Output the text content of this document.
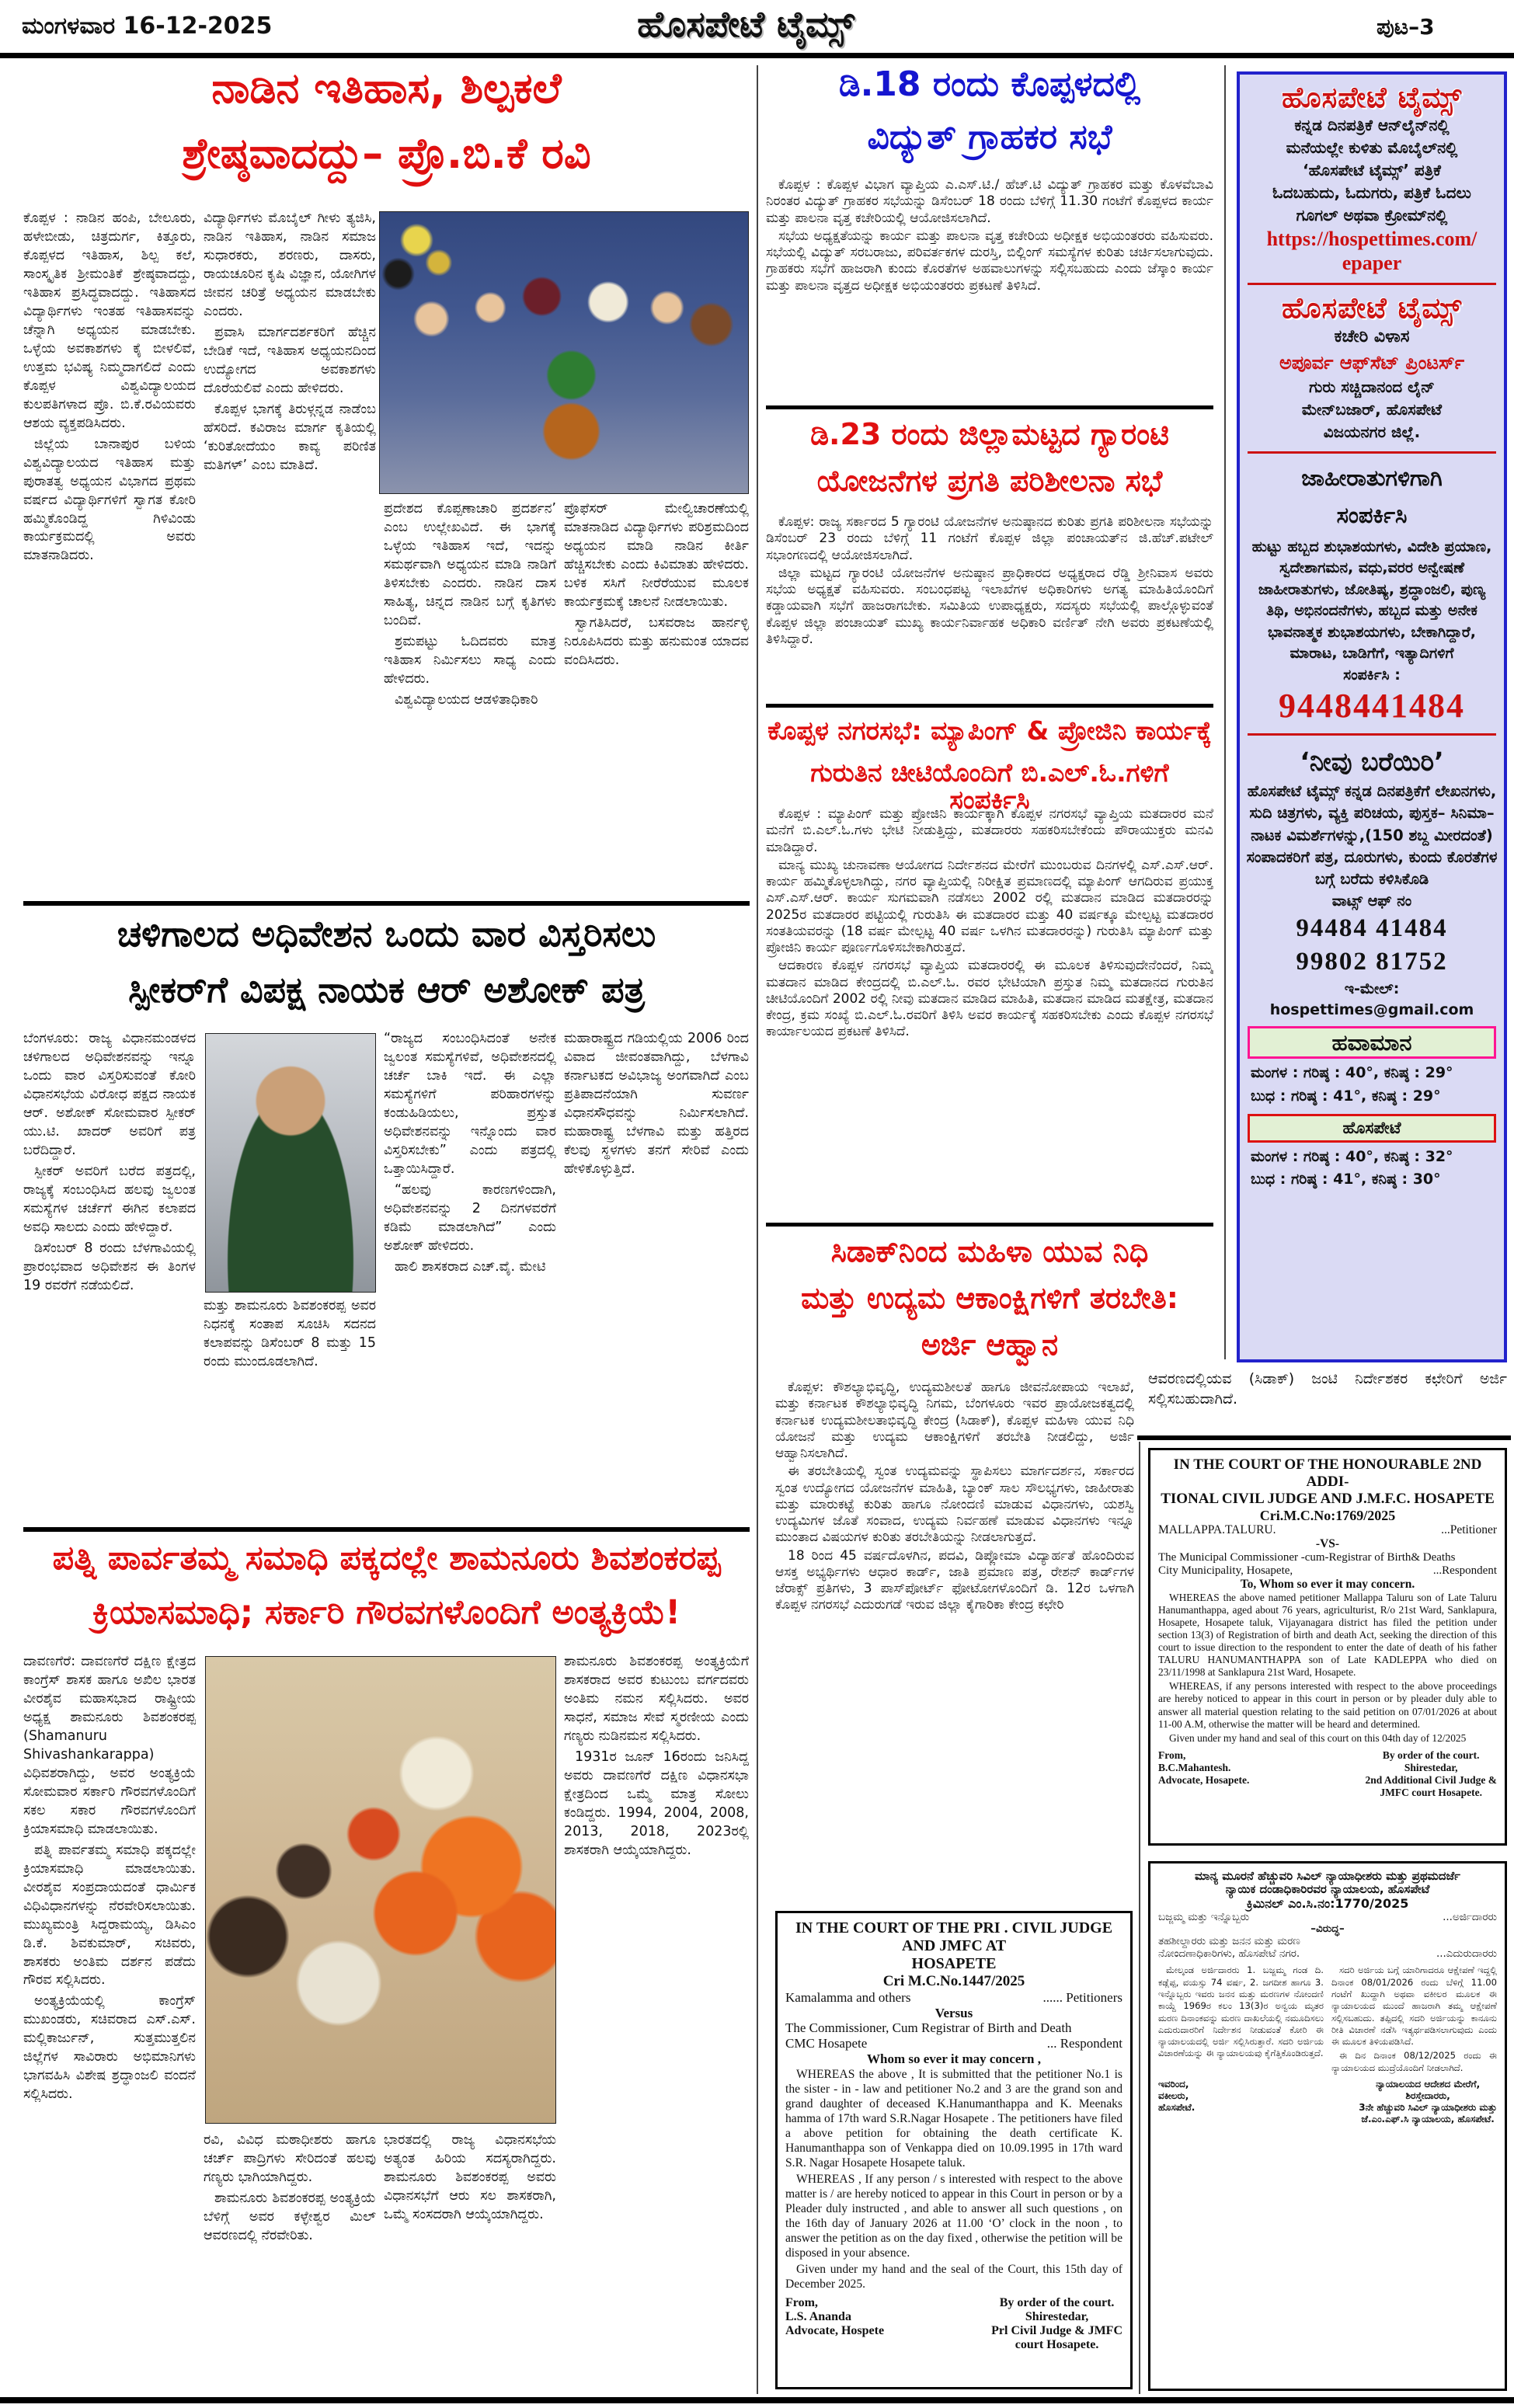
ಮಂಗಳವಾರ 16-12-2025	ಹೊಸಪೇಟೆ ಟೈಮ್ಸ್	ಪುಟ–3
ನಾಡಿನ ಇತಿಹಾಸ, ಶಿಲ್ಪಕಲೆ
ಶ್ರೇಷ್ಠವಾದದ್ದು– ಪ್ರೊ.ಬಿ.ಕೆ ರವಿ

ಕೊಪ್ಪಳ : ನಾಡಿನ ಹಂಪಿ, ಬೇಲೂರು, ಹಳೇಬೀಡು, ಚಿತ್ರದುರ್ಗ, ಕಿತ್ತೂರು, ಕೊಪ್ಪಳದ ಇತಿಹಾಸ, ಶಿಲ್ಪ ಕಲೆ, ಸಾಂಸ್ಕೃತಿಕ ಶ್ರೀಮಂತಿಕೆ ಶ್ರೇಷ್ಠವಾದದ್ದು, ಇತಿಹಾಸ ಪ್ರಸಿದ್ಧವಾದದ್ದು. ಇತಿಹಾಸದ ವಿದ್ಯಾರ್ಥಿಗಳು ಇಂತಹ ಇತಿಹಾಸವನ್ನು ಚೆನ್ನಾಗಿ ಅಧ್ಯಯನ ಮಾಡಬೇಕು. ಒಳ್ಳೆಯ ಅವಕಾಶಗಳು ಕೈ ಬೀಳಲಿವೆ, ಉತ್ತಮ ಭವಿಷ್ಯ ನಿಮ್ಮದಾಗಲಿದೆ ಎಂದು ಕೊಪ್ಪಳ ವಿಶ್ವವಿದ್ಯಾಲಯದ ಕುಲಪತಿಗಳಾದ ಪ್ರೊ. ಬಿ.ಕೆ.ರವಿಯವರು ಆಶಯ ವ್ಯಕ್ತಪಡಿಸಿದರು.

ಜಿಲ್ಲೆಯ ಬಾನಾಪುರ ಬಳಿಯ ವಿಶ್ವವಿದ್ಯಾಲಯದ ಇತಿಹಾಸ ಮತ್ತು ಪುರಾತತ್ವ ಅಧ್ಯಯನ ವಿಭಾಗದ ಪ್ರಥಮ ವರ್ಷದ ವಿದ್ಯಾರ್ಥಿಗಳಿಗೆ ಸ್ವಾಗತ ಕೋರಿ ಹಮ್ಮಿಕೊಂಡಿದ್ದ ಗಿಳಿವಿಂಡು ಕಾರ್ಯಕ್ರಮದಲ್ಲಿ ಅವರು ಮಾತನಾಡಿದರು.

ವಿದ್ಯಾರ್ಥಿಗಳು ಮೊಬೈಲ್ ಗೀಳು ತ್ಯಜಿಸಿ, ನಾಡಿನ ಇತಿಹಾಸ, ನಾಡಿನ ಸಮಾಜ ಸುಧಾರಕರು, ಶರಣರು, ದಾಸರು, ರಾಯಚೂರಿನ ಕೃಷಿ ವಿಜ್ಞಾನ, ಯೋಗಿಗಳ ಜೀವನ ಚರಿತ್ರೆ ಅಧ್ಯಯನ ಮಾಡಬೇಕು ಎಂದರು.

ಪ್ರವಾಸಿ ಮಾರ್ಗದರ್ಶಕರಿಗೆ ಹೆಚ್ಚಿನ ಬೇಡಿಕೆ ಇದೆ, ಇತಿಹಾಸ ಅಧ್ಯಯನದಿಂದ ಉದ್ಯೋಗದ ಅವಕಾಶಗಳು ದೊರೆಯಲಿವೆ ಎಂದು ಹೇಳಿದರು.

ಕೊಪ್ಪಳ ಭಾಗಕ್ಕೆ ತಿರುಳ್ಗನ್ನಡ ನಾಡೆಂಬ ಹೆಸರಿದೆ. ಕವಿರಾಜ ಮಾರ್ಗ ಕೃತಿಯಲ್ಲಿ ‘ಕುರಿತೋದೆಯಂ ಕಾವ್ಯ ಪರಿಣಿತ ಮತಿಗಳ್’ ಎಂಬ ಮಾತಿದೆ.

ಪ್ರದೇಶದ ಕೊಪ್ಪಣಾಚಾರಿ ಪ್ರದರ್ಶನ’ ಎಂಬ ಉಲ್ಲೇಖವಿದೆ. ಈ ಭಾಗಕ್ಕೆ ಒಳ್ಳೆಯ ಇತಿಹಾಸ ಇದೆ, ಇದನ್ನು ಸಮರ್ಥವಾಗಿ ಅಧ್ಯಯನ ಮಾಡಿ ನಾಡಿಗೆ ತಿಳಿಸಬೇಕು ಎಂದರು. ನಾಡಿನ ದಾಸ ಸಾಹಿತ್ಯ, ಚಿನ್ನದ ನಾಡಿನ ಬಗ್ಗೆ ಕೃತಿಗಳು ಬಂದಿವೆ.

ಶ್ರಮಪಟ್ಟು ಓದಿದವರು ಮಾತ್ರ ಇತಿಹಾಸ ನಿರ್ಮಿಸಲು ಸಾಧ್ಯ ಎಂದು ಹೇಳಿದರು.

ವಿಶ್ವವಿದ್ಯಾಲಯದ ಆಡಳಿತಾಧಿಕಾರಿ

ಪ್ರೊಫೆಸರ್ ಮೇಲ್ವಿಚಾರಣೆಯಲ್ಲಿ ಮಾತನಾಡಿದ ವಿದ್ಯಾರ್ಥಿಗಳು ಪರಿಶ್ರಮದಿಂದ ಅಧ್ಯಯನ ಮಾಡಿ ನಾಡಿನ ಕೀರ್ತಿ ಹೆಚ್ಚಿಸಬೇಕು ಎಂದು ಕಿವಿಮಾತು ಹೇಳಿದರು. ಬಳಿಕ ಸಸಿಗೆ ನೀರೆರೆಯುವ ಮೂಲಕ ಕಾರ್ಯಕ್ರಮಕ್ಕೆ ಚಾಲನೆ ನೀಡಲಾಯಿತು.

ಸ್ವಾಗತಿಸಿದರೆ, ಬಸವರಾಜ ಹಾರ್ನಳ್ಳಿ ನಿರೂಪಿಸಿದರು ಮತ್ತು ಹನುಮಂತ ಯಾದವ ವಂದಿಸಿದರು.

ಚಳಿಗಾಲದ ಅಧಿವೇಶನ ಒಂದು ವಾರ ವಿಸ್ತರಿಸಲು
ಸ್ಪೀಕರ್‌ಗೆ ವಿಪಕ್ಷ ನಾಯಕ ಆರ್ ಅಶೋಕ್ ಪತ್ರ

ಬೆಂಗಳೂರು: ರಾಜ್ಯ ವಿಧಾನಮಂಡಳದ ಚಳಿಗಾಲದ ಅಧಿವೇಶನವನ್ನು ಇನ್ನೂ ಒಂದು ವಾರ ವಿಸ್ತರಿಸುವಂತೆ ಕೋರಿ ವಿಧಾನಸಭೆಯ ವಿರೋಧ ಪಕ್ಷದ ನಾಯಕ ಆರ್. ಅಶೋಕ್ ಸೋಮವಾರ ಸ್ಪೀಕರ್ ಯು.ಟಿ. ಖಾದರ್ ಅವರಿಗೆ ಪತ್ರ ಬರೆದಿದ್ದಾರೆ.

ಸ್ಪೀಕರ್ ಅವರಿಗೆ ಬರೆದ ಪತ್ರದಲ್ಲಿ, ರಾಜ್ಯಕ್ಕೆ ಸಂಬಂಧಿಸಿದ ಹಲವು ಜ್ವಲಂತ ಸಮಸ್ಯೆಗಳ ಚರ್ಚೆಗೆ ಈಗಿನ ಕಲಾಪದ ಅವಧಿ ಸಾಲದು ಎಂದು ಹೇಳಿದ್ದಾರೆ.

ಡಿಸೆಂಬರ್ 8 ರಂದು ಬೆಳಗಾವಿಯಲ್ಲಿ ಪ್ರಾರಂಭವಾದ ಅಧಿವೇಶನ ಈ ತಿಂಗಳ 19 ರವರೆಗೆ ನಡೆಯಲಿದೆ.

ಮತ್ತು ಶಾಮನೂರು ಶಿವಶಂಕರಪ್ಪ ಅವರ ನಿಧನಕ್ಕೆ ಸಂತಾಪ ಸೂಚಿಸಿ ಸದನದ ಕಲಾಪವನ್ನು ಡಿಸೆಂಬರ್ 8 ಮತ್ತು 15 ರಂದು ಮುಂದೂಡಲಾಗಿದೆ.

“ರಾಜ್ಯದ ಸಂಬಂಧಿಸಿದಂತೆ ಅನೇಕ ಜ್ವಲಂತ ಸಮಸ್ಯೆಗಳಿವೆ, ಅಧಿವೇಶನದಲ್ಲಿ ಚರ್ಚೆ ಬಾಕಿ ಇದೆ. ಈ ಎಲ್ಲಾ ಸಮಸ್ಯೆಗಳಿಗೆ ಪರಿಹಾರಗಳನ್ನು ಕಂಡುಹಿಡಿಯಲು, ಪ್ರಸ್ತುತ ಅಧಿವೇಶನವನ್ನು ಇನ್ನೊಂದು ವಾರ ವಿಸ್ತರಿಸಬೇಕು” ಎಂದು ಪತ್ರದಲ್ಲಿ ಒತ್ತಾಯಿಸಿದ್ದಾರೆ.

“ಹಲವು ಕಾರಣಗಳಿಂದಾಗಿ, ಅಧಿವೇಶನವನ್ನು 2 ದಿನಗಳವರೆಗೆ ಕಡಿಮೆ ಮಾಡಲಾಗಿದೆ” ಎಂದು ಅಶೋಕ್ ಹೇಳಿದರು.

ಹಾಲಿ ಶಾಸಕರಾದ ಎಚ್.ವೈ. ಮೇಟಿ

ಮಹಾರಾಷ್ಟ್ರದ ಗಡಿಯಲ್ಲಿಯ 2006 ರಿಂದ ವಿವಾದ ಜೀವಂತವಾಗಿದ್ದು, ಬೆಳಗಾವಿ ಕರ್ನಾಟಕದ ಅವಿಭಾಜ್ಯ ಅಂಗವಾಗಿದೆ ಎಂಬ ಪ್ರತಿಪಾದನೆಯಾಗಿ ಸುವರ್ಣ ವಿಧಾನಸೌಧವನ್ನು ನಿರ್ಮಿಸಲಾಗಿದೆ. ಮಹಾರಾಷ್ಟ್ರ ಬೆಳಗಾವಿ ಮತ್ತು ಹತ್ತಿರದ ಕೆಲವು ಸ್ಥಳಗಳು ತನಗೆ ಸೇರಿವೆ ಎಂದು ಹೇಳಿಕೊಳ್ಳುತ್ತಿದೆ.

ಪತ್ನಿ ಪಾರ್ವತಮ್ಮ ಸಮಾಧಿ ಪಕ್ಕದಲ್ಲೇ ಶಾಮನೂರು ಶಿವಶಂಕರಪ್ಪ
ಕ್ರಿಯಾಸಮಾಧಿ; ಸರ್ಕಾರಿ ಗೌರವಗಳೊಂದಿಗೆ ಅಂತ್ಯಕ್ರಿಯೆ!

ದಾವಣಗೆರೆ: ದಾವಣಗೆರೆ ದಕ್ಷಿಣ ಕ್ಷೇತ್ರದ ಕಾಂಗ್ರೆಸ್ ಶಾಸಕ ಹಾಗೂ ಅಖಿಲ ಭಾರತ ವೀರಶೈವ ಮಹಾಸಭಾದ ರಾಷ್ಟ್ರೀಯ ಅಧ್ಯಕ್ಷ ಶಾಮನೂರು ಶಿವಶಂಕರಪ್ಪ (Shamanuru Shivashankarappa) ವಿಧಿವಶರಾಗಿದ್ದು, ಅವರ ಅಂತ್ಯಕ್ರಿಯೆ ಸೋಮವಾರ ಸರ್ಕಾರಿ ಗೌರವಗಳೊಂದಿಗೆ ಸಕಲ ಸಕಾರ ಗೌರವಗಳೊಂದಿಗೆ ಕ್ರಿಯಾಸಮಾಧಿ ಮಾಡಲಾಯಿತು.

ಪತ್ನಿ ಪಾರ್ವತಮ್ಮ ಸಮಾಧಿ ಪಕ್ಕದಲ್ಲೇ ಕ್ರಿಯಾಸಮಾಧಿ ಮಾಡಲಾಯಿತು. ವೀರಶೈವ ಸಂಪ್ರದಾಯದಂತೆ ಧಾರ್ಮಿಕ ವಿಧಿವಿಧಾನಗಳನ್ನು ನೆರವೇರಿಸಲಾಯಿತು. ಮುಖ್ಯಮಂತ್ರಿ ಸಿದ್ದರಾಮಯ್ಯ, ಡಿಸಿಎಂ ಡಿ.ಕೆ. ಶಿವಕುಮಾರ್, ಸಚಿವರು, ಶಾಸಕರು ಅಂತಿಮ ದರ್ಶನ ಪಡೆದು ಗೌರವ ಸಲ್ಲಿಸಿದರು.

ಅಂತ್ಯಕ್ರಿಯೆಯಲ್ಲಿ ಕಾಂಗ್ರೆಸ್ ಮುಖಂಡರು, ಸಚಿವರಾದ ಎಸ್.ಎಸ್. ಮಲ್ಲಿಕಾರ್ಜುನ್, ಸುತ್ತಮುತ್ತಲಿನ ಜಿಲ್ಲೆಗಳ ಸಾವಿರಾರು ಅಭಿಮಾನಿಗಳು ಭಾಗವಹಿಸಿ ವಿಶೇಷ ಶ್ರದ್ಧಾಂಜಲಿ ವಂದನೆ ಸಲ್ಲಿಸಿದರು.

ರವಿ, ವಿವಿಧ ಮಠಾಧೀಶರು ಹಾಗೂ ಚರ್ಚ್ ಪಾದ್ರಿಗಳು ಸೇರಿದಂತೆ ಹಲವು ಗಣ್ಯರು ಭಾಗಿಯಾಗಿದ್ದರು.

ಶಾಮನೂರು ಶಿವಶಂಕರಪ್ಪ ಅಂತ್ಯಕ್ರಿಯೆ ಬೆಳಿಗ್ಗೆ ಅವರ ಕಳ್ಳೇಶ್ವರ ಮಿಲ್ ಆವರಣದಲ್ಲಿ ನೆರವೇರಿತು.

ಭಾರತದಲ್ಲಿ ರಾಜ್ಯ ವಿಧಾನಸಭೆಯ ಅತ್ಯಂತ ಹಿರಿಯ ಸದಸ್ಯರಾಗಿದ್ದರು. ಶಾಮನೂರು ಶಿವಶಂಕರಪ್ಪ ಅವರು ವಿಧಾನಸಭೆಗೆ ಆರು ಸಲ ಶಾಸಕರಾಗಿ, ಒಮ್ಮೆ ಸಂಸದರಾಗಿ ಆಯ್ಕೆಯಾಗಿದ್ದರು.

ಶಾಮನೂರು ಶಿವಶಂಕರಪ್ಪ ಅಂತ್ಯಕ್ರಿಯೆಗೆ ಶಾಸಕರಾದ ಅವರ ಕುಟುಂಬ ವರ್ಗದವರು ಅಂತಿಮ ನಮನ ಸಲ್ಲಿಸಿದರು. ಅವರ ಸಾಧನೆ, ಸಮಾಜ ಸೇವೆ ಸ್ಮರಣೀಯ ಎಂದು ಗಣ್ಯರು ನುಡಿನಮನ ಸಲ್ಲಿಸಿದರು.

1931ರ ಜೂನ್ 16ರಂದು ಜನಿಸಿದ್ದ ಅವರು ದಾವಣಗೆರೆ ದಕ್ಷಿಣ ವಿಧಾನಸಭಾ ಕ್ಷೇತ್ರದಿಂದ ಒಮ್ಮೆ ಮಾತ್ರ ಸೋಲು ಕಂಡಿದ್ದರು. 1994, 2004, 2008, 2013, 2018, 2023ರಲ್ಲಿ ಶಾಸಕರಾಗಿ ಆಯ್ಕೆಯಾಗಿದ್ದರು.

ಡಿ.18 ರಂದು ಕೊಪ್ಪಳದಲ್ಲಿ
ವಿದ್ಯುತ್ ಗ್ರಾಹಕರ ಸಭೆ

ಕೊಪ್ಪಳ : ಕೊಪ್ಪಳ ವಿಭಾಗ ವ್ಯಾಪ್ತಿಯ ಎ.ಎಸ್.ಟಿ./ ಹೆಚ್.ಟಿ ವಿದ್ಯುತ್ ಗ್ರಾಹಕರ ಮತ್ತು ಕೊಳವೆಬಾವಿ ನಿರಂತರ ವಿದ್ಯುತ್ ಗ್ರಾಹಕರ ಸಭೆಯನ್ನು ಡಿಸೆಂಬರ್ 18 ರಂದು ಬೆಳಿಗ್ಗೆ 11.30 ಗಂಟೆಗೆ ಕೊಪ್ಪಳದ ಕಾರ್ಯ ಮತ್ತು ಪಾಲನಾ ವೃತ್ತ ಕಚೇರಿಯಲ್ಲಿ ಆಯೋಜಿಸಲಾಗಿದೆ.

ಸಭೆಯ ಅಧ್ಯಕ್ಷತೆಯನ್ನು ಕಾರ್ಯ ಮತ್ತು ಪಾಲನಾ ವೃತ್ತ ಕಚೇರಿಯ ಅಧೀಕ್ಷಕ ಅಭಿಯಂತರರು ವಹಿಸುವರು. ಸಭೆಯಲ್ಲಿ ವಿದ್ಯುತ್ ಸರಬರಾಜು, ಪರಿವರ್ತಕಗಳ ದುರಸ್ತಿ, ಬಿಲ್ಲಿಂಗ್ ಸಮಸ್ಯೆಗಳ ಕುರಿತು ಚರ್ಚಿಸಲಾಗುವುದು. ಗ್ರಾಹಕರು ಸಭೆಗೆ ಹಾಜರಾಗಿ ಕುಂದು ಕೊರತೆಗಳ ಅಹವಾಲುಗಳನ್ನು ಸಲ್ಲಿಸಬಹುದು ಎಂದು ಜೆಸ್ಕಾಂ ಕಾರ್ಯ ಮತ್ತು ಪಾಲನಾ ವೃತ್ತದ ಅಧೀಕ್ಷಕ ಅಭಿಯಂತರರು ಪ್ರಕಟಣೆ ತಿಳಿಸಿದೆ.

ಡಿ.23 ರಂದು ಜಿಲ್ಲಾಮಟ್ಟದ ಗ್ಯಾರಂಟಿ
ಯೋಜನೆಗಳ ಪ್ರಗತಿ ಪರಿಶೀಲನಾ ಸಭೆ

ಕೊಪ್ಪಳ: ರಾಜ್ಯ ಸರ್ಕಾರದ 5 ಗ್ಯಾರಂಟಿ ಯೋಜನೆಗಳ ಅನುಷ್ಠಾನದ ಕುರಿತು ಪ್ರಗತಿ ಪರಿಶೀಲನಾ ಸಭೆಯನ್ನು ಡಿಸೆಂಬರ್ 23 ರಂದು ಬೆಳಿಗ್ಗೆ 11 ಗಂಟೆಗೆ ಕೊಪ್ಪಳ ಜಿಲ್ಲಾ ಪಂಚಾಯತ್‌ನ ಜಿ.ಹೆಚ್.ಪಟೇಲ್ ಸಭಾಂಗಣದಲ್ಲಿ ಆಯೋಜಿಸಲಾಗಿದೆ.

ಜಿಲ್ಲಾ ಮಟ್ಟದ ಗ್ಯಾರಂಟಿ ಯೋಜನೆಗಳ ಅನುಷ್ಠಾನ ಪ್ರಾಧಿಕಾರದ ಅಧ್ಯಕ್ಷರಾದ ರೆಡ್ಡಿ ಶ್ರೀನಿವಾಸ ಅವರು ಸಭೆಯ ಅಧ್ಯಕ್ಷತೆ ವಹಿಸುವರು. ಸಂಬಂಧಪಟ್ಟ ಇಲಾಖೆಗಳ ಅಧಿಕಾರಿಗಳು ಅಗತ್ಯ ಮಾಹಿತಿಯೊಂದಿಗೆ ಕಡ್ಡಾಯವಾಗಿ ಸಭೆಗೆ ಹಾಜರಾಗಬೇಕು. ಸಮಿತಿಯ ಉಪಾಧ್ಯಕ್ಷರು, ಸದಸ್ಯರು ಸಭೆಯಲ್ಲಿ ಪಾಲ್ಗೊಳ್ಳುವಂತೆ ಕೊಪ್ಪಳ ಜಿಲ್ಲಾ ಪಂಚಾಯತ್ ಮುಖ್ಯ ಕಾರ್ಯನಿರ್ವಾಹಕ ಅಧಿಕಾರಿ ವರ್ಣಿತ್ ನೇಗಿ ಅವರು ಪ್ರಕಟಣೆಯಲ್ಲಿ ತಿಳಿಸಿದ್ದಾರೆ.

ಕೊಪ್ಪಳ ನಗರಸಭೆ: ಮ್ಯಾಪಿಂಗ್ & ಪ್ರೋಜಿನಿ ಕಾರ್ಯಕ್ಕೆ
ಗುರುತಿನ ಚೀಟಿಯೊಂದಿಗೆ ಬಿ.ಎಲ್.ಓ.ಗಳಿಗೆ ಸಂಪರ್ಕಿಸಿ

ಕೊಪ್ಪಳ : ಮ್ಯಾಪಿಂಗ್ ಮತ್ತು ಪ್ರೋಜಿನಿ ಕಾರ್ಯಕ್ಕಾಗಿ ಕೊಪ್ಪಳ ನಗರಸಭೆ ವ್ಯಾಪ್ತಿಯ ಮತದಾರರ ಮನೆ ಮನೆಗೆ ಬಿ.ಎಲ್.ಓ.ಗಳು ಭೇಟಿ ನೀಡುತ್ತಿದ್ದು, ಮತದಾರರು ಸಹಕರಿಸಬೇಕೆಂದು ಪೌರಾಯುಕ್ತರು ಮನವಿ ಮಾಡಿದ್ದಾರೆ.

ಮಾನ್ಯ ಮುಖ್ಯ ಚುನಾವಣಾ ಆಯೋಗದ ನಿರ್ದೇಶನದ ಮೇರೆಗೆ ಮುಂಬರುವ ದಿನಗಳಲ್ಲಿ ಎಸ್.ಎಸ್.ಆರ್. ಕಾರ್ಯ ಹಮ್ಮಿಕೊಳ್ಳಲಾಗಿದ್ದು, ನಗರ ವ್ಯಾಪ್ತಿಯಲ್ಲಿ ನಿರೀಕ್ಷಿತ ಪ್ರಮಾಣದಲ್ಲಿ ಮ್ಯಾಪಿಂಗ್ ಆಗದಿರುವ ಪ್ರಯುಕ್ತ ಎಸ್.ಎಸ್.ಆರ್. ಕಾರ್ಯ ಸುಗಮವಾಗಿ ನಡೆಸಲು 2002 ರಲ್ಲಿ ಮತದಾನ ಮಾಡಿದ ಮತದಾರರನ್ನು 2025ರ ಮತದಾರರ ಪಟ್ಟಿಯಲ್ಲಿ ಗುರುತಿಸಿ ಈ ಮತದಾರರ ಮತ್ತು 40 ವರ್ಷಕ್ಕೂ ಮೇಲ್ಪಟ್ಟ ಮತದಾರರ ಸಂತತಿಯವರನ್ನು (18 ವರ್ಷ ಮೇಲ್ಪಟ್ಟ 40 ವರ್ಷ ಒಳಗಿನ ಮತದಾರರನ್ನು) ಗುರುತಿಸಿ ಮ್ಯಾಪಿಂಗ್ ಮತ್ತು ಪ್ರೋಜಿನಿ ಕಾರ್ಯ ಪೂರ್ಣಗೊಳಿಸಬೇಕಾಗಿರುತ್ತದೆ.

ಆದಕಾರಣ ಕೊಪ್ಪಳ ನಗರಸಭೆ ವ್ಯಾಪ್ತಿಯ ಮತದಾರರಲ್ಲಿ ಈ ಮೂಲಕ ತಿಳಿಸುವುದೇನೆಂದರೆ, ನಿಮ್ಮ ಮತದಾನ ಮಾಡಿದ ಕೇಂದ್ರದಲ್ಲಿ ಬಿ.ಎಲ್.ಓ. ರವರ ಭೇಟಿಯಾಗಿ ಪ್ರಸ್ತುತ ನಿಮ್ಮ ಮತದಾನದ ಗುರುತಿನ ಚೀಟಿಯೊಂದಿಗೆ 2002 ರಲ್ಲಿ ನೀವು ಮತದಾನ ಮಾಡಿದ ಮಾಹಿತಿ, ಮತದಾನ ಮಾಡಿದ ಮತಕ್ಷೇತ್ರ, ಮತದಾನ ಕೇಂದ್ರ, ಕ್ರಮ ಸಂಖ್ಯೆ ಬಿ.ಎಲ್.ಓ.ರವರಿಗೆ ತಿಳಿಸಿ ಅವರ ಕಾರ್ಯಕ್ಕೆ ಸಹಕರಿಸಬೇಕು ಎಂದು ಕೊಪ್ಪಳ ನಗರಸಭೆ ಕಾರ್ಯಾಲಯದ ಪ್ರಕಟಣೆ ತಿಳಿಸಿದೆ.

ಸಿಡಾಕ್‌ನಿಂದ ಮಹಿಳಾ ಯುವ ನಿಧಿ
ಮತ್ತು ಉದ್ಯಮ ಆಕಾಂಕ್ಷಿಗಳಿಗೆ ತರಬೇತಿ:
ಅರ್ಜಿ ಆಹ್ವಾನ

ಕೊಪ್ಪಳ: ಕೌಶಲ್ಯಾಭಿವೃದ್ಧಿ, ಉದ್ಯಮಶೀಲತೆ ಹಾಗೂ ಜೀವನೋಪಾಯ ಇಲಾಖೆ, ಮತ್ತು ಕರ್ನಾಟಕ ಕೌಶಲ್ಯಾಭಿವೃದ್ಧಿ ನಿಗಮ, ಬೆಂಗಳೂರು ಇವರ ಪ್ರಾಯೋಜಕತ್ವದಲ್ಲಿ ಕರ್ನಾಟಕ ಉದ್ಯಮಶೀಲತಾಭಿವೃದ್ಧಿ ಕೇಂದ್ರ (ಸಿಡಾಕ್), ಕೊಪ್ಪಳ ಮಹಿಳಾ ಯುವ ನಿಧಿ ಯೋಜನೆ ಮತ್ತು ಉದ್ಯಮ ಆಕಾಂಕ್ಷಿಗಳಿಗೆ ತರಬೇತಿ ನೀಡಲಿದ್ದು, ಅರ್ಜಿ ಆಹ್ವಾನಿಸಲಾಗಿದೆ.

ಈ ತರಬೇತಿಯಲ್ಲಿ ಸ್ವಂತ ಉದ್ಯಮವನ್ನು ಸ್ಥಾಪಿಸಲು ಮಾರ್ಗದರ್ಶನ, ಸರ್ಕಾರದ ಸ್ವಂತ ಉದ್ಯೋಗದ ಯೋಜನೆಗಳ ಮಾಹಿತಿ, ಬ್ಯಾಂಕ್ ಸಾಲ ಸೌಲಭ್ಯಗಳು, ಜಾಹೀರಾತು ಮತ್ತು ಮಾರುಕಟ್ಟೆ ಕುರಿತು ಹಾಗೂ ನೋಂದಣಿ ಮಾಡುವ ವಿಧಾನಗಳು, ಯಶಸ್ವಿ ಉದ್ಯಮಿಗಳ ಜೊತೆ ಸಂವಾದ, ಉದ್ಯಮ ನಿರ್ವಹಣೆ ಮಾಡುವ ವಿಧಾನಗಳು ಇನ್ನೂ ಮುಂತಾದ ವಿಷಯಗಳ ಕುರಿತು ತರಬೇತಿಯನ್ನು ನೀಡಲಾಗುತ್ತದೆ.

18 ರಿಂದ 45 ವರ್ಷದೊಳಗಿನ, ಪದವಿ, ಡಿಪ್ಲೋಮಾ ವಿದ್ಯಾರ್ಹತೆ ಹೊಂದಿರುವ ಆಸಕ್ತ ಅಭ್ಯರ್ಥಿಗಳು ಆಧಾರ ಕಾರ್ಡ್, ಜಾತಿ ಪ್ರಮಾಣ ಪತ್ರ, ರೇಶನ್ ಕಾರ್ಡ್‌ಗಳ ಜೆರಾಕ್ಸ್ ಪ್ರತಿಗಳು, 3 ಪಾಸ್‌ಪೋರ್ಟ್ ಫೋಟೋಗಳೊಂದಿಗೆ ಡಿ. 12ರ ಒಳಗಾಗಿ ಕೊಪ್ಪಳ ನಗರಸಭೆ ಎದುರುಗಡೆ ಇರುವ ಜಿಲ್ಲಾ ಕೈಗಾರಿಕಾ ಕೇಂದ್ರ ಕಛೇರಿ

IN THE COURT OF THE PRI . CIVIL JUDGE AND JMFC AT
HOSAPETE
Cri M.C.No.1447/2025
Kamalamma and others	...... Petitioners
Versus
The Commissioner, Cum Registrar of Birth and Death
CMC Hosapete	... Respondent
Whom so ever it may concern ,

WHEREAS the above , It is submitted that the petitioner No.1 is the sister - in - law and petitioner No.2 and 3 are the grand son and grand daughter of deceased K.Hanumanthappa and K. Meenaks hamma of 17th ward S.R.Nagar Hosapete . The petitioners have filed a above petition for obtaining the death certificate K. Hanumanthappa son of Venkappa died on 10.09.1995 in 17th ward S.R. Nagar Hosapete Hosapete taluk.

WHEREAS , If any person / s interested with respect to the above matter is / are hereby noticed to appear in this Court in person or by a Pleader duly instructed , and able to answer all such questions , on the 16th day of January 2026 at 11.00 ‘O’ clock in the noon , to answer the petition as on the day fixed , otherwise the petition will be disposed in your absence.

Given under my hand and the seal of the Court, this 15th day of December 2025.

From,
L.S. Ananda
Advocate, Hospete
By order of the court.
Shirestedar,
Prl Civil Judge & JMFC
court Hosapete.
ಹೊಸಪೇಟೆ ಟೈಮ್ಸ್
ಕನ್ನಡ ದಿನಪತ್ರಿಕೆ ಆನ್‌ಲೈನ್‌ನಲ್ಲಿ
ಮನೆಯಲ್ಲೇ ಕುಳಿತು ಮೊಬೈಲ್‌ನಲ್ಲಿ
‘ಹೊಸಪೇಟೆ ಟೈಮ್ಸ್’ ಪತ್ರಿಕೆ
ಓದಬಹುದು, ಓದುಗರು, ಪತ್ರಿಕೆ ಓದಲು
ಗೂಗಲ್ ಅಥವಾ ಕ್ರೋಮ್‌ನಲ್ಲಿ
https://hospettimes.com/
epaper
ಹೊಸಪೇಟೆ ಟೈಮ್ಸ್
ಕಚೇರಿ ವಿಳಾಸ
ಅಪೂರ್ವ ಆಫ್‌ಸೆಟ್ ಪ್ರಿಂಟರ್ಸ್
ಗುರು ಸಚ್ಚಿದಾನಂದ ಲೈನ್
ಮೇನ್‌ಬಜಾರ್, ಹೊಸಪೇಟೆ
ವಿಜಯನಗರ ಜಿಲ್ಲೆ.
ಜಾಹೀರಾತುಗಳಿಗಾಗಿ
ಸಂಪರ್ಕಿಸಿ
ಹುಟ್ಟು ಹಬ್ಬದ ಶುಭಾಶಯಗಳು, ವಿದೇಶಿ ಪ್ರಯಾಣ, ಸ್ವದೇಶಾಗಮನ, ವಧು,ವರರ ಅನ್ವೇಷಣೆ ಜಾಹೀರಾತುಗಳು, ಜೋತಿಷ್ಯ, ಶ್ರದ್ಧಾಂಜಲಿ, ಪುಣ್ಯ ತಿಥಿ, ಅಭಿನಂದನೆಗಳು, ಹಬ್ಬದ ಮತ್ತು ಅನೇಕ ಭಾವನಾತ್ಮಕ ಶುಭಾಶಯಗಳು, ಬೇಕಾಗಿದ್ದಾರೆ, ಮಾರಾಟ, ಬಾಡಿಗೆಗೆ, ಇತ್ಯಾದಿಗಳಿಗೆ
ಸಂಪರ್ಕಿಸಿ :
9448441484
‘ನೀವು ಬರೆಯಿರಿ’
ಹೊಸಪೇಟೆ ಟೈಮ್ಸ್ ಕನ್ನಡ ದಿನಪತ್ರಿಕೆಗೆ ಲೇಖನಗಳು, ಸುದಿ ಚಿತ್ರಗಳು, ವ್ಯಕ್ತಿ ಪರಿಚಯ, ಪುಸ್ತಕ– ಸಿನಿಮಾ–ನಾಟಕ ವಿಮರ್ಶೆಗಳನ್ನು,(150 ಶಬ್ದ ಮೀರದಂತೆ) ಸಂಪಾದಕರಿಗೆ ಪತ್ರ, ದೂರುಗಳು, ಕುಂದು ಕೊರತೆಗಳ ಬಗ್ಗೆ ಬರೆದು ಕಳಿಸಿಕೊಡಿ
ವಾಟ್ಸ್ ಆಫ್ ನಂ
94484 41484
99802 81752
ಇ-ಮೇಲ್: hospettimes@gmail.com
ಹವಾಮಾನ
ಮಂಗಳ : ಗರಿಷ್ಠ : 40°, ಕನಿಷ್ಠ : 29°
ಬುಧ : ಗರಿಷ್ಠ : 41°, ಕನಿಷ್ಠ : 29°
ಹೊಸಪೇಟೆ
ಮಂಗಳ : ಗರಿಷ್ಠ : 40°, ಕನಿಷ್ಠ : 32°
ಬುಧ : ಗರಿಷ್ಠ : 41°, ಕನಿಷ್ಠ : 30°

ಆವರಣದಲ್ಲಿಯವ (ಸಿಡಾಕ್) ಜಂಟಿ ನಿರ್ದೇಶಕರ ಕಛೇರಿಗೆ ಅರ್ಜಿ ಸಲ್ಲಿಸಬಹುದಾಗಿದೆ.

IN THE COURT OF THE HONOURABLE 2ND ADDI-
TIONAL CIVIL JUDGE AND J.M.F.C. HOSAPETE
Cri.M.C.No:1769/2025
MALLAPPA.TALURU.	...Petitioner
-VS-
The Municipal Commissioner -cum-Registrar of Birth& Deaths
City Municipality, Hosapete,	...Respondent
To, Whom so ever it may concern.

WHEREAS the above named petitioner Mallappa Taluru son of Late Taluru Hanumanthappa, aged about 76 years, agriculturist, R/o 21st Ward, Sanklapura, Hosapete, Hosapete taluk, Vijayanagara district has filed the petition under section 13(3) of Registration of birth and death Act, seeking the direction of this court to issue direction to the respondent to enter the date of death of his father TALURU HANUMANTHAPPA son of Late KADLEPPA who died on 23/11/1998 at Sanklapura 21st Ward, Hosapete.

WHEREAS, if any persons interested with respect to the above proceedings are hereby noticed to appear in this court in person or by pleader duly able to answer all material question relating to the said petition on 07/01/2026 at about 11-00 A.M, otherwise the matter will be heard and determined.

Given under my hand and seal of this court on this 04th day of 12/2025

From,
B.C.Mahantesh.
Advocate, Hosapete.
By order of the court.
Shirestedar,
2nd Additional Civil Judge &
JMFC court Hosapete.
ಮಾನ್ಯ ಮೂರನೆ ಹೆಚ್ಚುವರಿ ಸಿವಿಲ್ ನ್ಯಾಯಾಧೀಶರು ಮತ್ತು ಪ್ರಥಮದರ್ಜೆ
ನ್ಯಾಯಿಕ ದಂಡಾಧಿಕಾರಿರವರ ನ್ಯಾಯಾಲಯ, ಹೊಸಪೇಟೆ
ಕ್ರಿಮಿನಲ್ ಎಂ.ಸಿ.ನಂ:1770/2025
ಬಜ್ಜಮ್ಮ ಮತ್ತು ಇನ್ನೊಬ್ಬರು	...ಅರ್ಜಿದಾರರು
–ವಿರುದ್ಧ–
ತಹಶೀಲ್ದಾರರು ಮತ್ತು ಜನನ ಮತ್ತು ಮರಣ
ನೋಂದಣಾಧಿಕಾರಿಗಳು, ಹೊಸಪೇಟೆ ನಗರ.	...ಎದುರುದಾರರು

ಮೇಲ್ಕಂಡ ಅರ್ಜಿದಾರರು 1. ಬಜ್ಜಮ್ಮ ಗಂಡ ದಿ. ಕಡ್ಲೆಪ್ಪ, ವಯಸ್ಸು 74 ವರ್ಷ, 2. ಜಗದೀಶ ಹಾಗೂ 3. ಇನ್ನೊಬ್ಬರು ಇವರು ಜನನ ಮತ್ತು ಮರಣಗಳ ನೋಂದಣಿ ಕಾಯ್ದೆ 1969ರ ಕಲಂ 13(3)ರ ಅನ್ವಯ ಮೃತರ ಮರಣ ದಿನಾಂಕವನ್ನು ಮರಣ ದಾಖಲೆಯಲ್ಲಿ ನಮೂದಿಸಲು ಎದುರುದಾರರಿಗೆ ನಿರ್ದೇಶನ ನೀಡುವಂತೆ ಕೋರಿ ಈ ನ್ಯಾಯಾಲಯದಲ್ಲಿ ಅರ್ಜಿ ಸಲ್ಲಿಸಿರುತ್ತಾರೆ. ಸದರಿ ಅರ್ಜಿಯ ವಿಚಾರಣೆಯನ್ನು ಈ ನ್ಯಾಯಾಲಯವು ಕೈಗೆತ್ತಿಕೊಂಡಿರುತ್ತದೆ.

ಸದರಿ ಅರ್ಜಿಯ ಬಗ್ಗೆ ಯಾರಿಗಾದರೂ ಆಕ್ಷೇಪಣೆ ಇದ್ದಲ್ಲಿ ದಿನಾಂಕ 08/01/2026 ರಂದು ಬೆಳಿಗ್ಗೆ 11.00 ಗಂಟೆಗೆ ಖುದ್ದಾಗಿ ಅಥವಾ ವಕೀಲರ ಮೂಲಕ ಈ ನ್ಯಾಯಾಲಯದ ಮುಂದೆ ಹಾಜರಾಗಿ ತಮ್ಮ ಆಕ್ಷೇಪಣೆ ಸಲ್ಲಿಸಬಹುದು. ತಪ್ಪಿದಲ್ಲಿ ಸದರಿ ಅರ್ಜಿಯನ್ನು ಕಾನೂನು ರೀತಿ ವಿಚಾರಣೆ ನಡೆಸಿ ಇತ್ಯರ್ಥಪಡಿಸಲಾಗುವುದು ಎಂದು ಈ ಮೂಲಕ ತಿಳಿಯಪಡಿಸಿದೆ.

ಈ ದಿನ ದಿನಾಂಕ 08/12/2025 ರಂದು ಈ ನ್ಯಾಯಾಲಯದ ಮುದ್ರೆಯೊಂದಿಗೆ ನೀಡಲಾಗಿದೆ.

ಇವರಿಂದ,
ವಕೀಲರು,
ಹೊಸಪೇಟೆ.
ನ್ಯಾಯಾಲಯದ ಆದೇಶದ ಮೇರೆಗೆ,
ಶಿರಸ್ತೇದಾರರು,
3ನೇ ಹೆಚ್ಚುವರಿ ಸಿವಿಲ್ ನ್ಯಾಯಾಧೀಶರು ಮತ್ತು
ಜೆ.ಎಂ.ಎಫ್.ಸಿ ನ್ಯಾಯಾಲಯ, ಹೊಸಪೇಟೆ.
